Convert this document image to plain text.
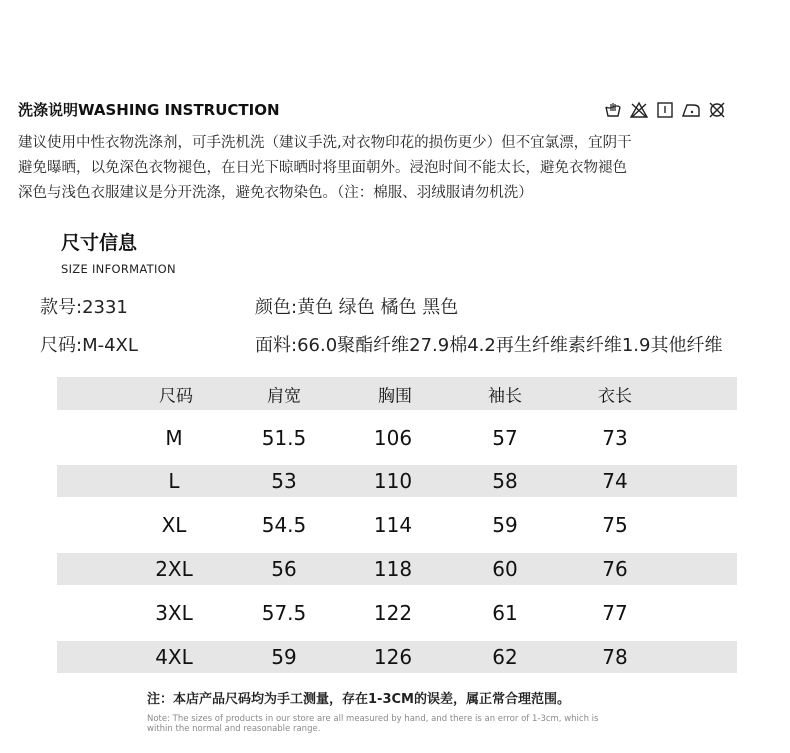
洗涤说明WASHING INSTRUCTION
建议使用中性衣物洗涤剂，可手洗机洗（建议手洗,对衣物印花的损伤更少）但不宜氯漂，宜阴干
避免曝晒，以免深色衣物褪色，在日光下晾晒时将里面朝外。浸泡时间不能太长，避免衣物褪色
深色与浅色衣服建议是分开洗涤，避免衣物染色。（注：棉服、羽绒服请勿机洗）
尺寸信息
SIZE INFORMATION
款号:2331	颜色:黄色 绿色 橘色 黑色
尺码:M-4XL	面料:66.0聚酯纤维27.9棉4.2再生纤维素纤维1.9其他纤维
尺码	肩宽	胸围	袖长	衣长
M	51.5	106	57	73
L	53	110	58	74
XL	54.5	114	59	75
2XL	56	118	60	76
3XL	57.5	122	61	77
4XL	59	126	62	78
注：本店产品尺码均为手工测量，存在1-3CM的误差，属正常合理范围。
Note: The sizes of products in our store are all measured by hand, and there is an error of 1-3cm, which is
within the normal and reasonable range.
